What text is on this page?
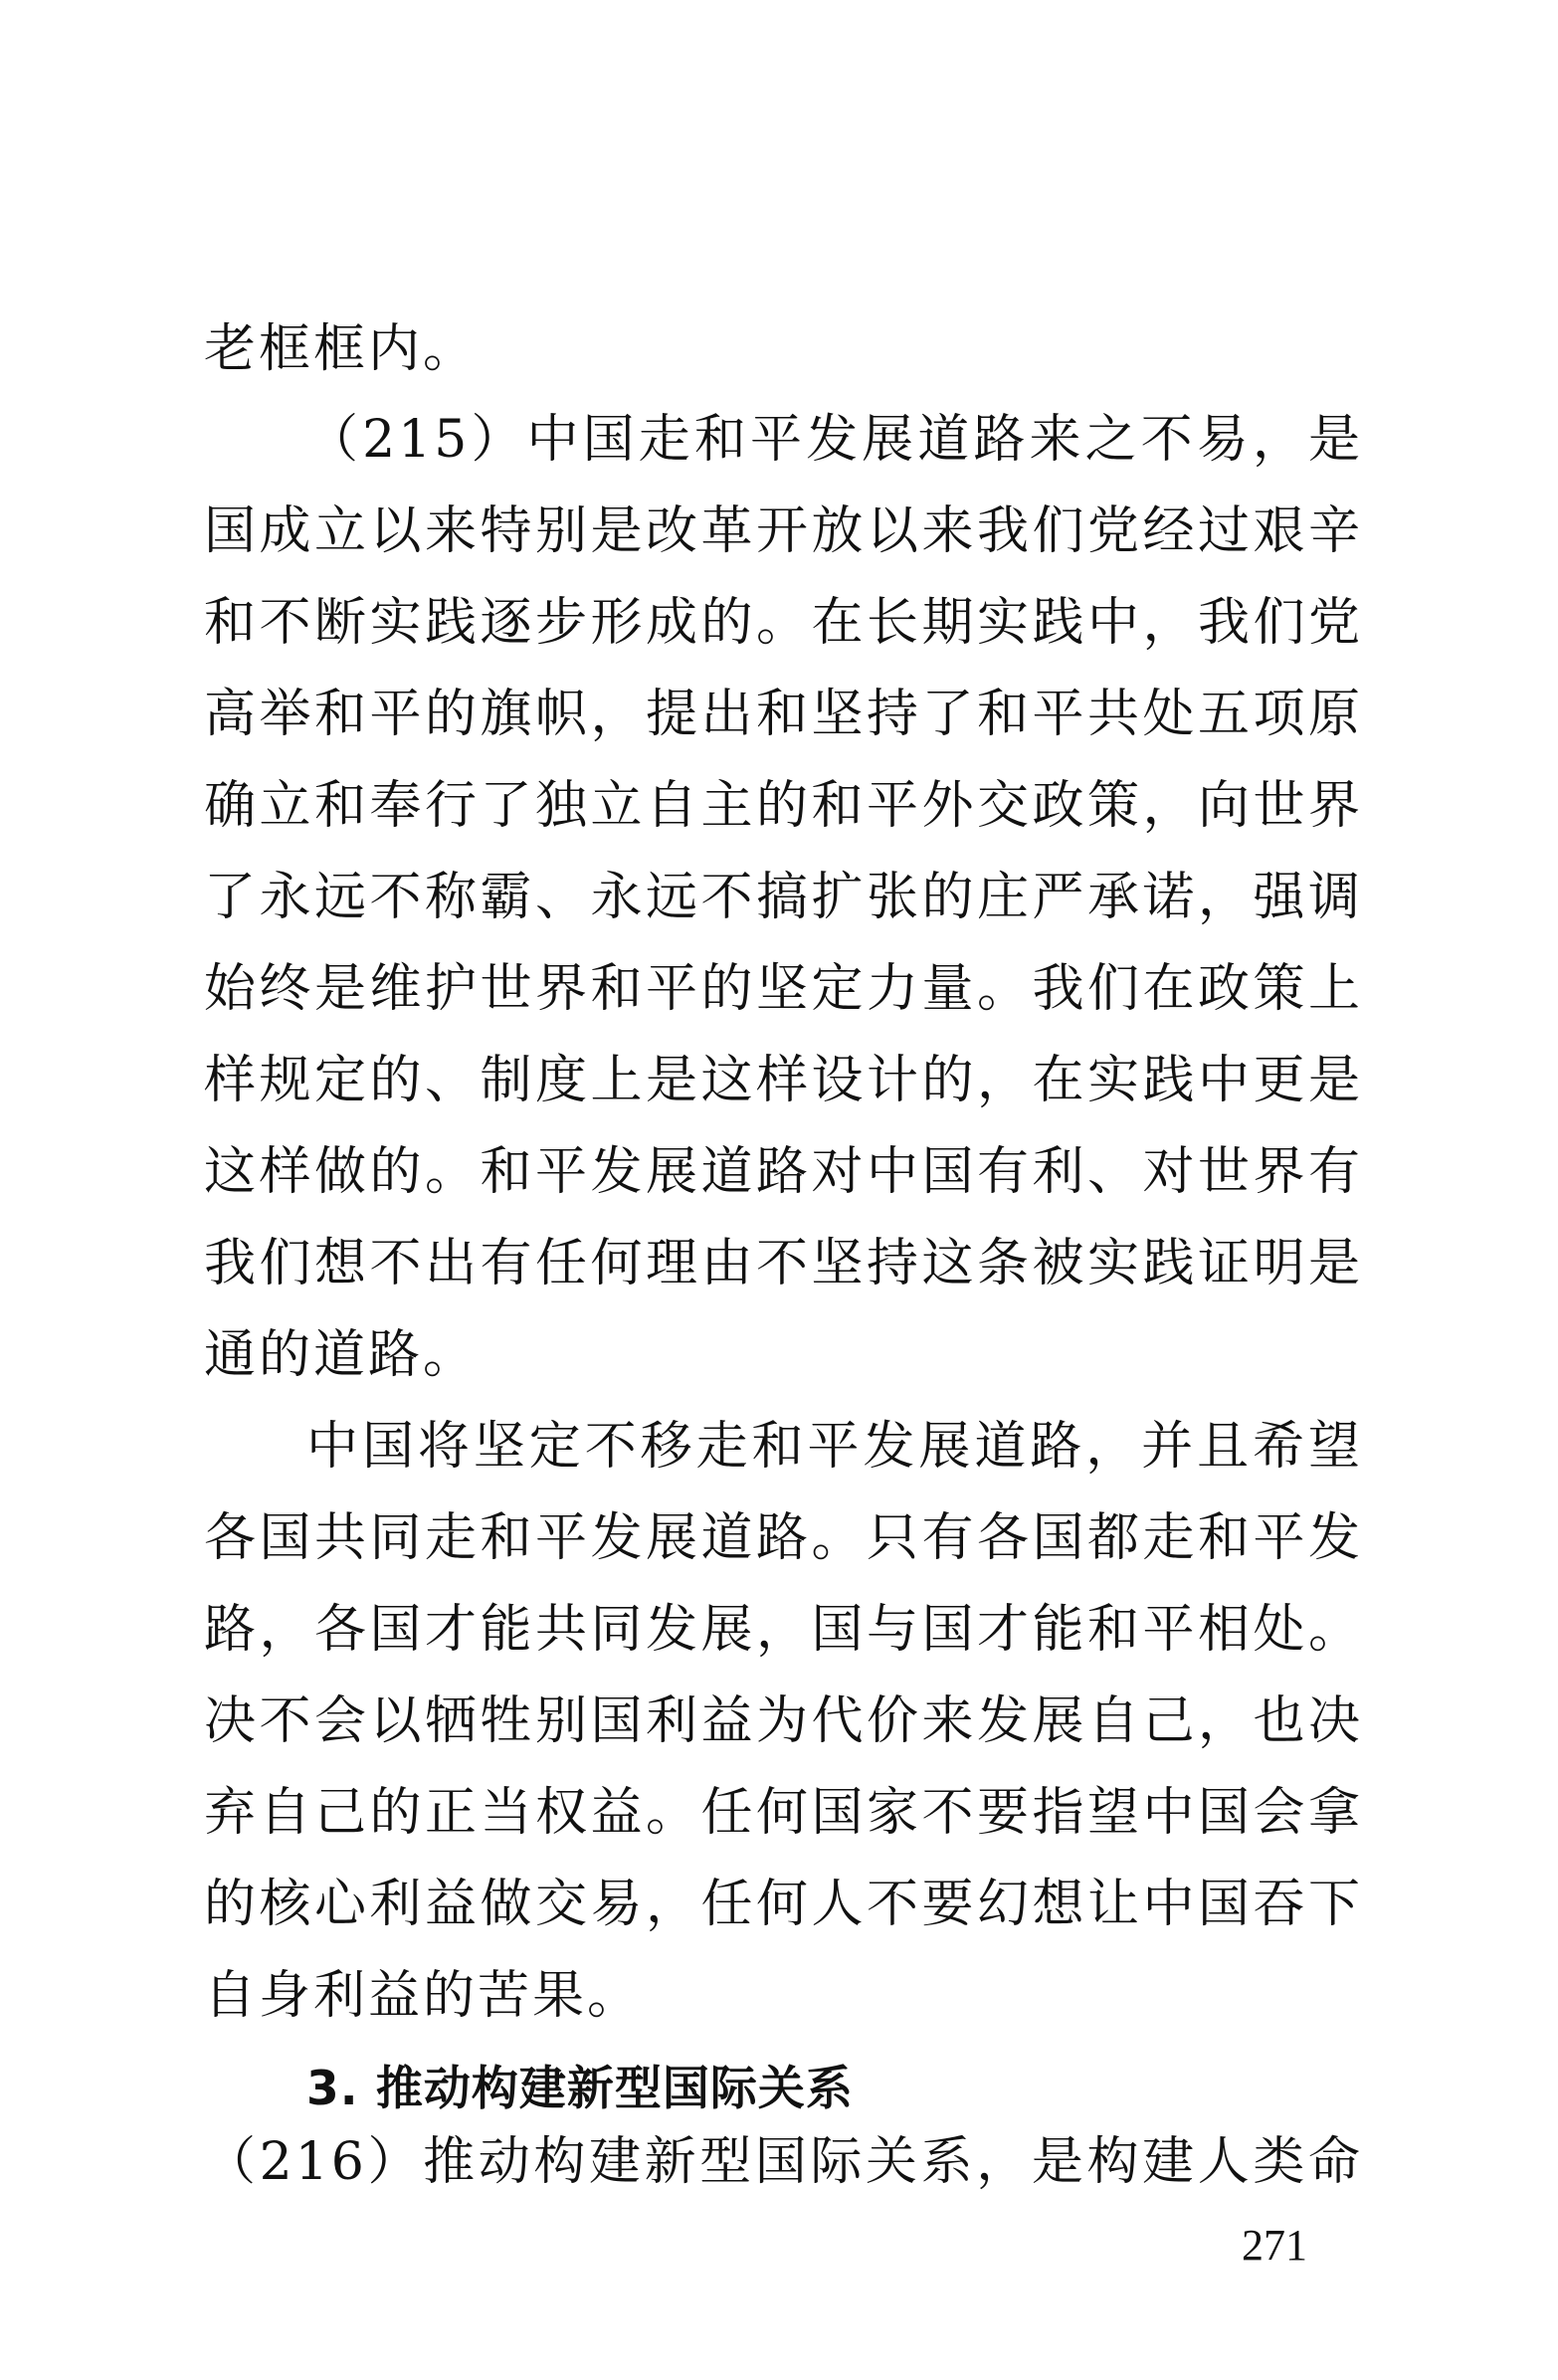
老框框内。
（215）中国走和平发展道路来之不易，是
国成立以来特别是改革开放以来我们党经过艰辛
和不断实践逐步形成的。在长期实践中，我们党
高举和平的旗帜，提出和坚持了和平共处五项原
确立和奉行了独立自主的和平外交政策，向世界
了永远不称霸、永远不搞扩张的庄严承诺，强调
始终是维护世界和平的坚定力量。我们在政策上
样规定的、制度上是这样设计的，在实践中更是
这样做的。和平发展道路对中国有利、对世界有
我们想不出有任何理由不坚持这条被实践证明是
通的道路。
中国将坚定不移走和平发展道路，并且希望
各国共同走和平发展道路。只有各国都走和平发
路，各国才能共同发展，国与国才能和平相处。
决不会以牺牲别国利益为代价来发展自己，也决
弃自己的正当权益。任何国家不要指望中国会拿
的核心利益做交易，任何人不要幻想让中国吞下
自身利益的苦果。
3. 推动构建新型国际关系
（216）推动构建新型国际关系，是构建人类命
271
